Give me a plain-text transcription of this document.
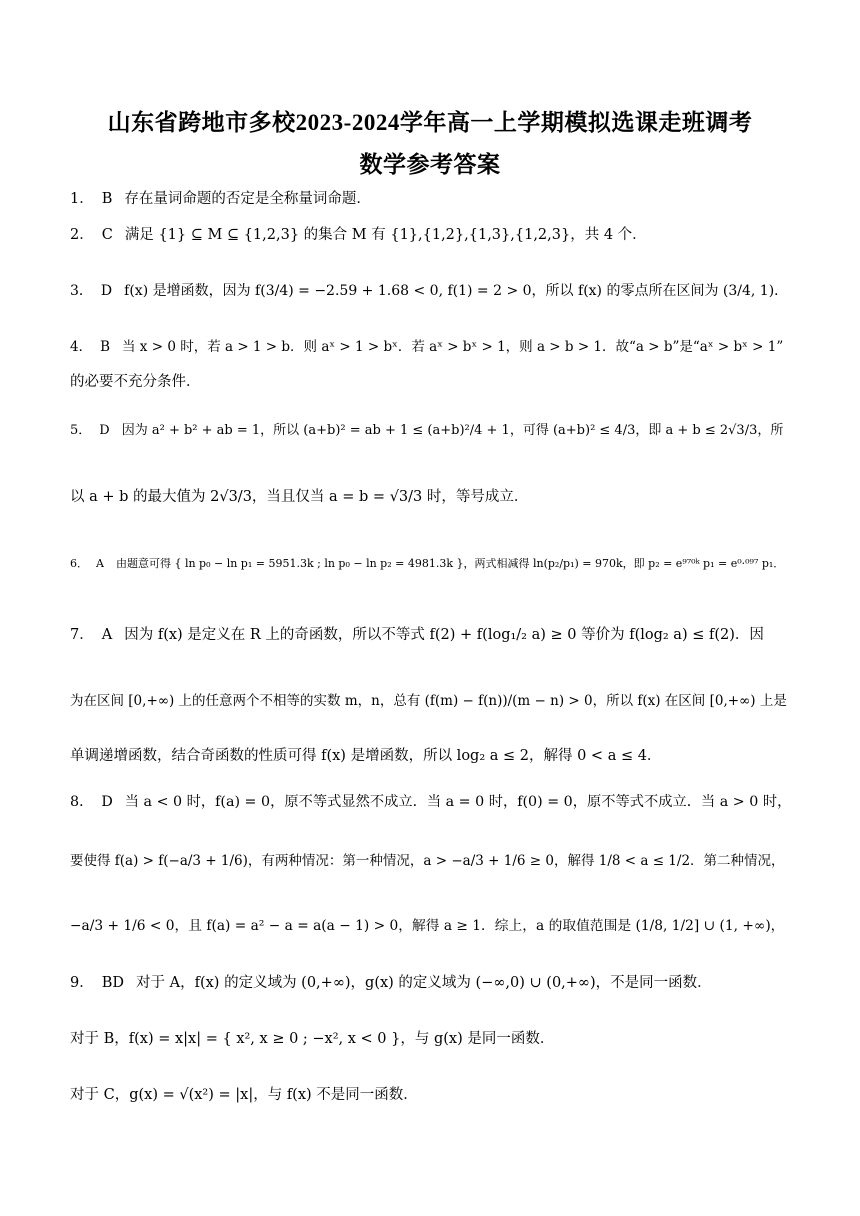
山东省跨地市多校2023-2024学年高一上学期模拟选课走班调考
数学参考答案
1． B 存在量词命题的否定是全称量词命题．
2． C 满足 {1} ⊆ M ⊆ {1,2,3} 的集合 M 有 {1},{1,2},{1,3},{1,2,3}，共 4 个．
3． D f(x) 是增函数，因为 f(3/4) = −2.59 + 1.68 < 0, f(1) = 2 > 0，所以 f(x) 的零点所在区间为 (3/4, 1)．
4． B 当 x > 0 时，若 a > 1 > b．则 aˣ > 1 > bˣ．若 aˣ > bˣ > 1，则 a > b > 1．故“a > b”是“aˣ > bˣ > 1”
的必要不充分条件．
5． D 因为 a² + b² + ab = 1，所以 (a+b)² = ab + 1 ≤ (a+b)²/4 + 1，可得 (a+b)² ≤ 4/3，即 a + b ≤ 2√3/3，所
以 a + b 的最大值为 2√3/3，当且仅当 a = b = √3/3 时，等号成立．
6． A 由题意可得 { ln p₀ − ln p₁ = 5951.3k ; ln p₀ − ln p₂ = 4981.3k }，两式相减得 ln(p₂/p₁) = 970k，即 p₂ = e⁹⁷⁰ᵏ p₁ = e⁰·⁰⁹⁷ p₁．
7． A 因为 f(x) 是定义在 R 上的奇函数，所以不等式 f(2) + f(log₁/₂ a) ≥ 0 等价为 f(log₂ a) ≤ f(2)．因
为在区间 [0,+∞) 上的任意两个不相等的实数 m，n，总有 (f(m) − f(n))/(m − n) > 0，所以 f(x) 在区间 [0,+∞) 上是
单调递增函数，结合奇函数的性质可得 f(x) 是增函数，所以 log₂ a ≤ 2，解得 0 < a ≤ 4．
8． D 当 a < 0 时，f(a) = 0，原不等式显然不成立．当 a = 0 时，f(0) = 0，原不等式不成立．当 a > 0 时，
要使得 f(a) > f(−a/3 + 1/6)，有两种情况：第一种情况，a > −a/3 + 1/6 ≥ 0，解得 1/8 < a ≤ 1/2．第二种情况，
−a/3 + 1/6 < 0，且 f(a) = a² − a = a(a − 1) > 0，解得 a ≥ 1．综上，a 的取值范围是 (1/8, 1/2] ∪ (1, +∞)，
9． BD 对于 A，f(x) 的定义域为 (0,+∞)，g(x) 的定义域为 (−∞,0) ∪ (0,+∞)，不是同一函数．
对于 B，f(x) = x|x| = { x², x ≥ 0 ; −x², x < 0 }，与 g(x) 是同一函数．
对于 C，g(x) = √(x²) = |x|，与 f(x) 不是同一函数．
